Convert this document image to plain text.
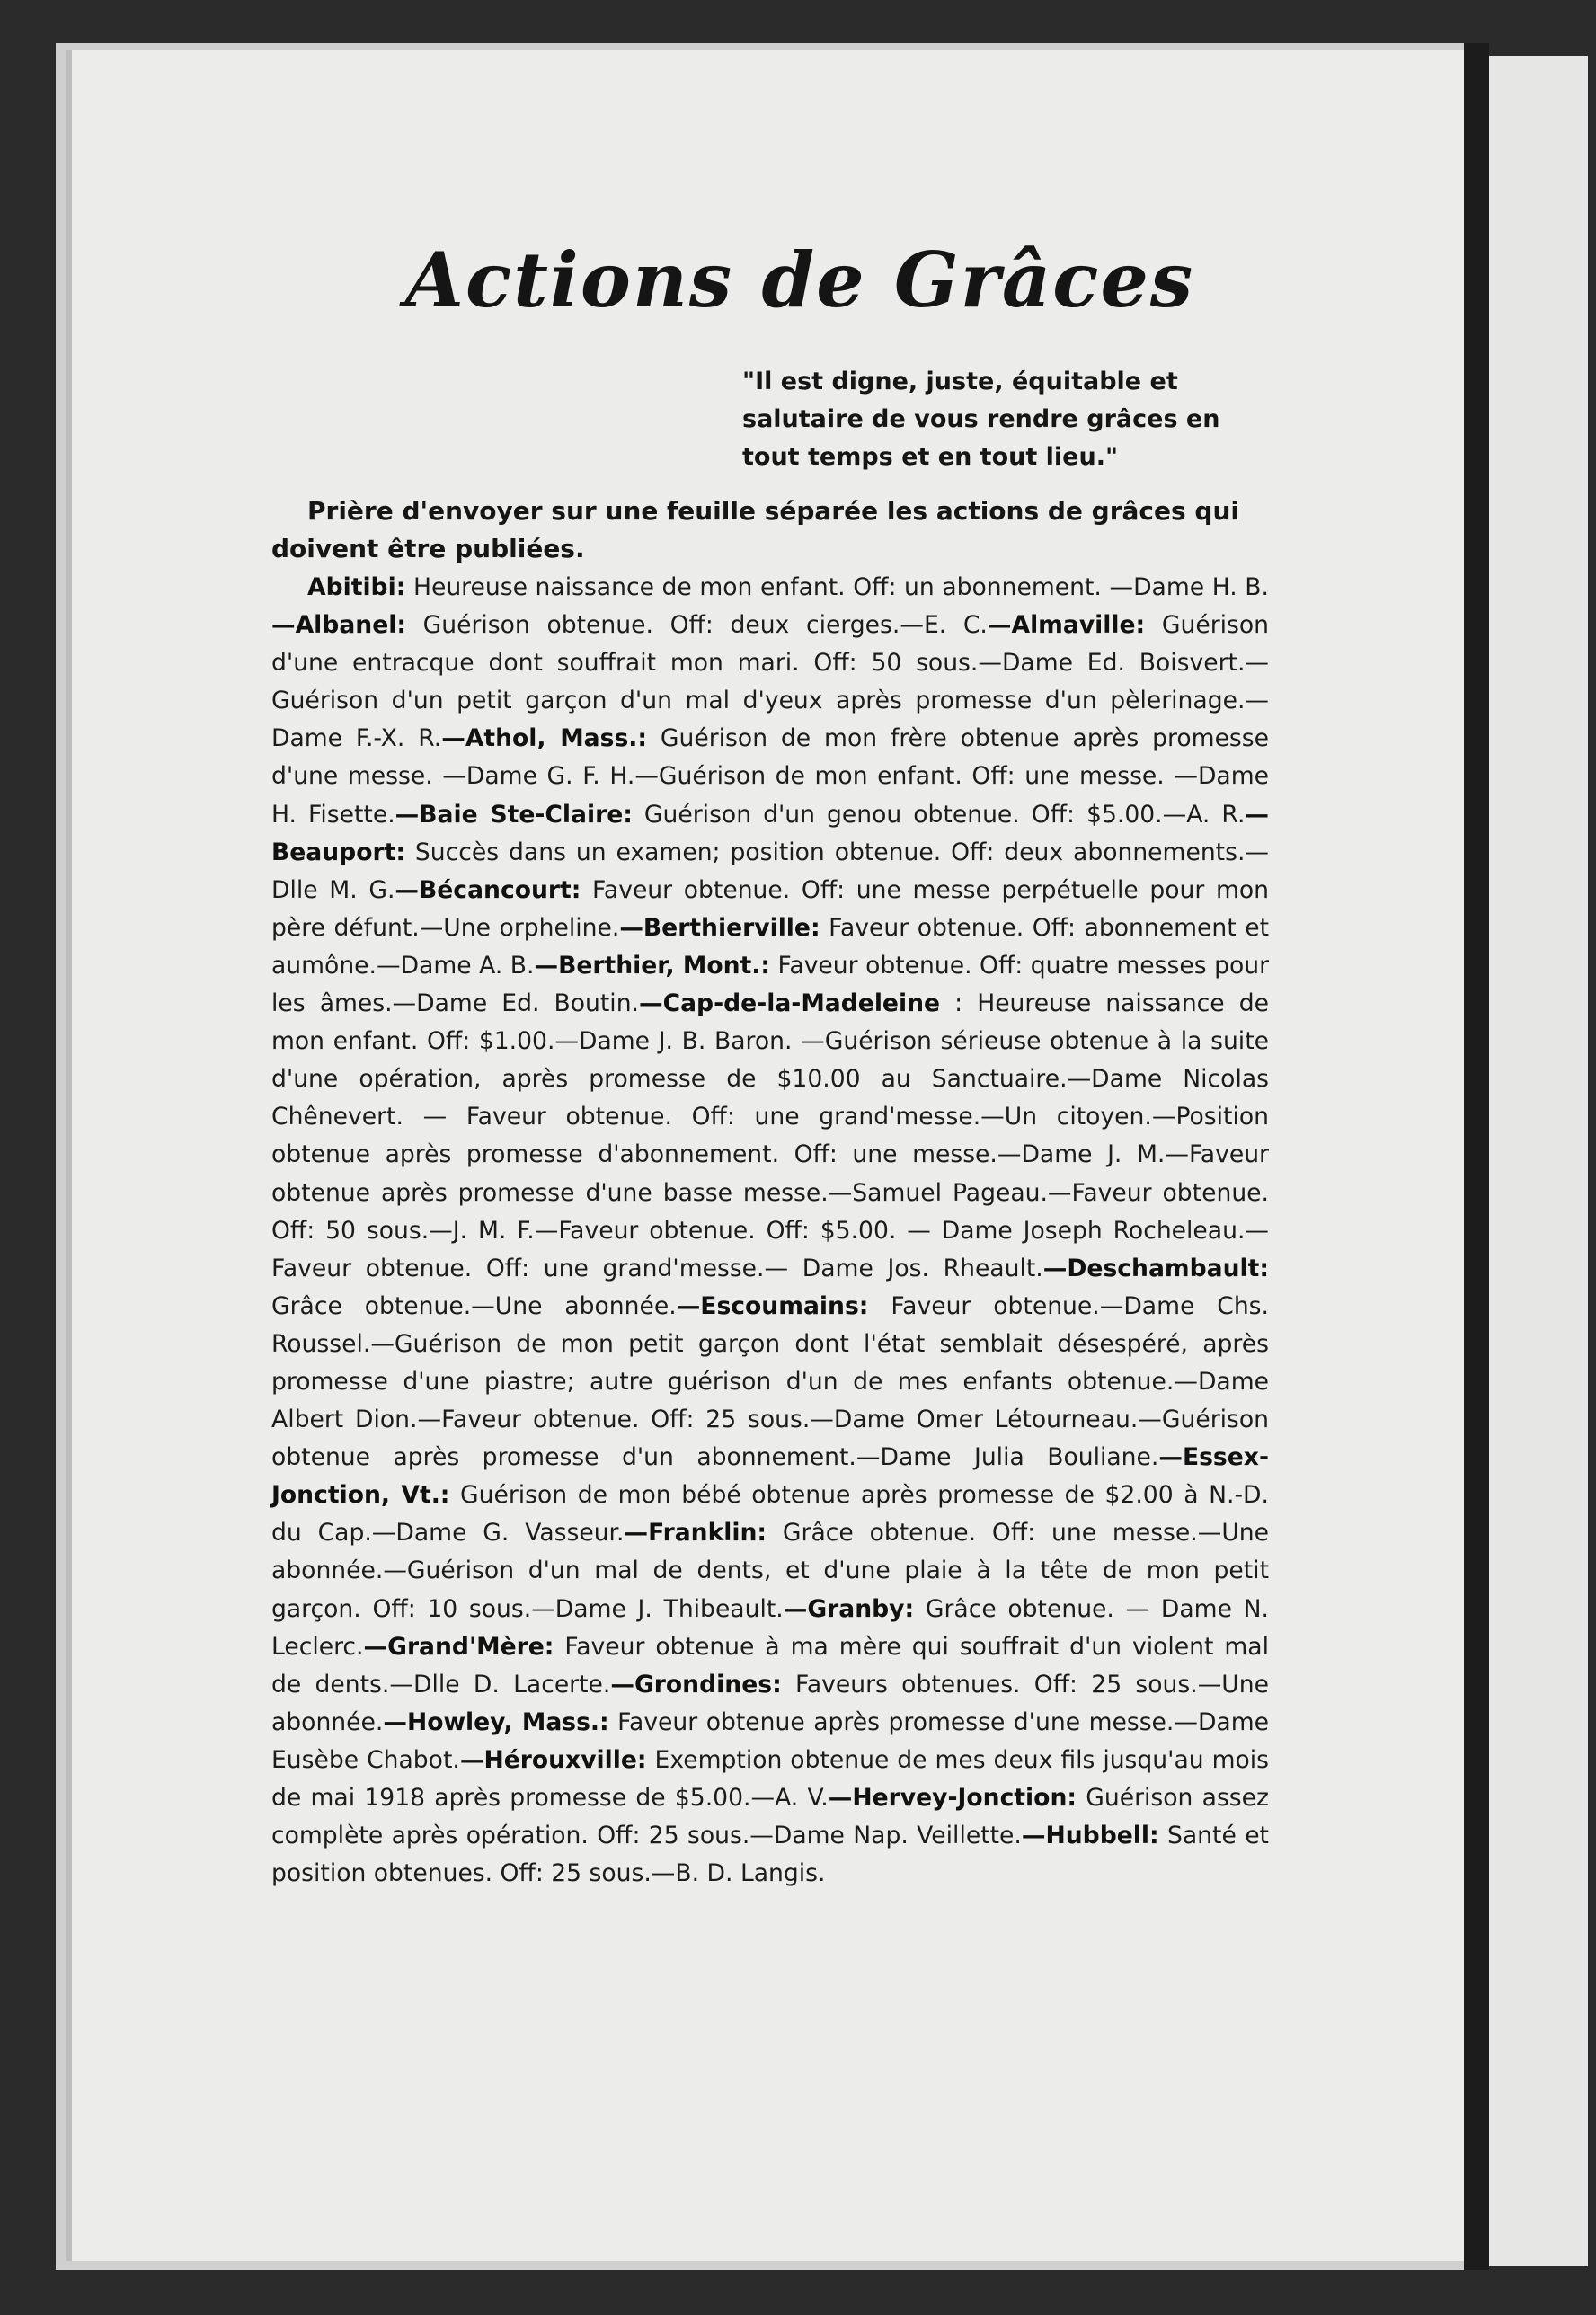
Actions de Grâces

"Il est digne, juste, équitable et salutaire de vous rendre grâces en tout temps et en tout lieu."

Prière d'envoyer sur une feuille séparée les actions de grâces qui doivent être publiées.

Abitibi: Heureuse naissance de mon enfant. Off: un abonnement. —Dame H. B.—Albanel: Guérison obtenue. Off: deux cierges.—E. C.—Almaville: Guérison d'une entracque dont souffrait mon mari. Off: 50 sous.—Dame Ed. Boisvert.—Guérison d'un petit garçon d'un mal d'yeux après promesse d'un pèlerinage.—Dame F.-X. R.—Athol, Mass.: Guérison de mon frère obtenue après promesse d'une messe. —Dame G. F. H.—Guérison de mon enfant. Off: une messe. —Dame H. Fisette.—Baie Ste-Claire: Guérison d'un genou obtenue. Off: $5.00.—A. R.—Beauport: Succès dans un examen; position obtenue. Off: deux abonnements.—Dlle M. G.—Bécancourt: Faveur obtenue. Off: une messe perpétuelle pour mon père défunt.—Une orpheline.—Berthierville: Faveur obtenue. Off: abonnement et aumône.—Dame A. B.—Berthier, Mont.: Faveur obtenue. Off: quatre messes pour les âmes.—Dame Ed. Boutin.—Cap-de-la-Madeleine : Heureuse naissance de mon enfant. Off: $1.00.—Dame J. B. Baron. —Guérison sérieuse obtenue à la suite d'une opération, après promesse de $10.00 au Sanctuaire.—Dame Nicolas Chênevert. — Faveur obtenue. Off: une grand'messe.—Un citoyen.—Position obtenue après promesse d'abonnement. Off: une messe.—Dame J. M.—Faveur obtenue après promesse d'une basse messe.—Samuel Pageau.—Faveur obtenue. Off: 50 sous.—J. M. F.—Faveur obtenue. Off: $5.00. — Dame Joseph Rocheleau.—Faveur obtenue. Off: une grand'messe.— Dame Jos. Rheault.—Deschambault: Grâce obtenue.—Une abonnée.—Escoumains: Faveur obtenue.—Dame Chs. Roussel.—Guérison de mon petit garçon dont l'état semblait désespéré, après promesse d'une piastre; autre guérison d'un de mes enfants obtenue.—Dame Albert Dion.—Faveur obtenue. Off: 25 sous.—Dame Omer Létourneau.—Guérison obtenue après promesse d'un abonnement.—Dame Julia Bouliane.—Essex-Jonction, Vt.: Guérison de mon bébé obtenue après promesse de $2.00 à N.-D. du Cap.—Dame G. Vasseur.—Franklin: Grâce obtenue. Off: une messe.—Une abonnée.—Guérison d'un mal de dents, et d'une plaie à la tête de mon petit garçon. Off: 10 sous.—Dame J. Thibeault.—Granby: Grâce obtenue. — Dame N. Leclerc.—Grand'Mère: Faveur obtenue à ma mère qui souffrait d'un violent mal de dents.—Dlle D. Lacerte.—Grondines: Faveurs obtenues. Off: 25 sous.—Une abonnée.—Howley, Mass.: Faveur obtenue après promesse d'une messe.—Dame Eusèbe Chabot.—Hérouxville: Exemption obtenue de mes deux fils jusqu'au mois de mai 1918 après promesse de $5.00.—A. V.—Hervey-Jonction: Guérison assez complète après opération. Off: 25 sous.—Dame Nap. Veillette.—Hubbell: Santé et position obtenues. Off: 25 sous.—B. D. Langis.
